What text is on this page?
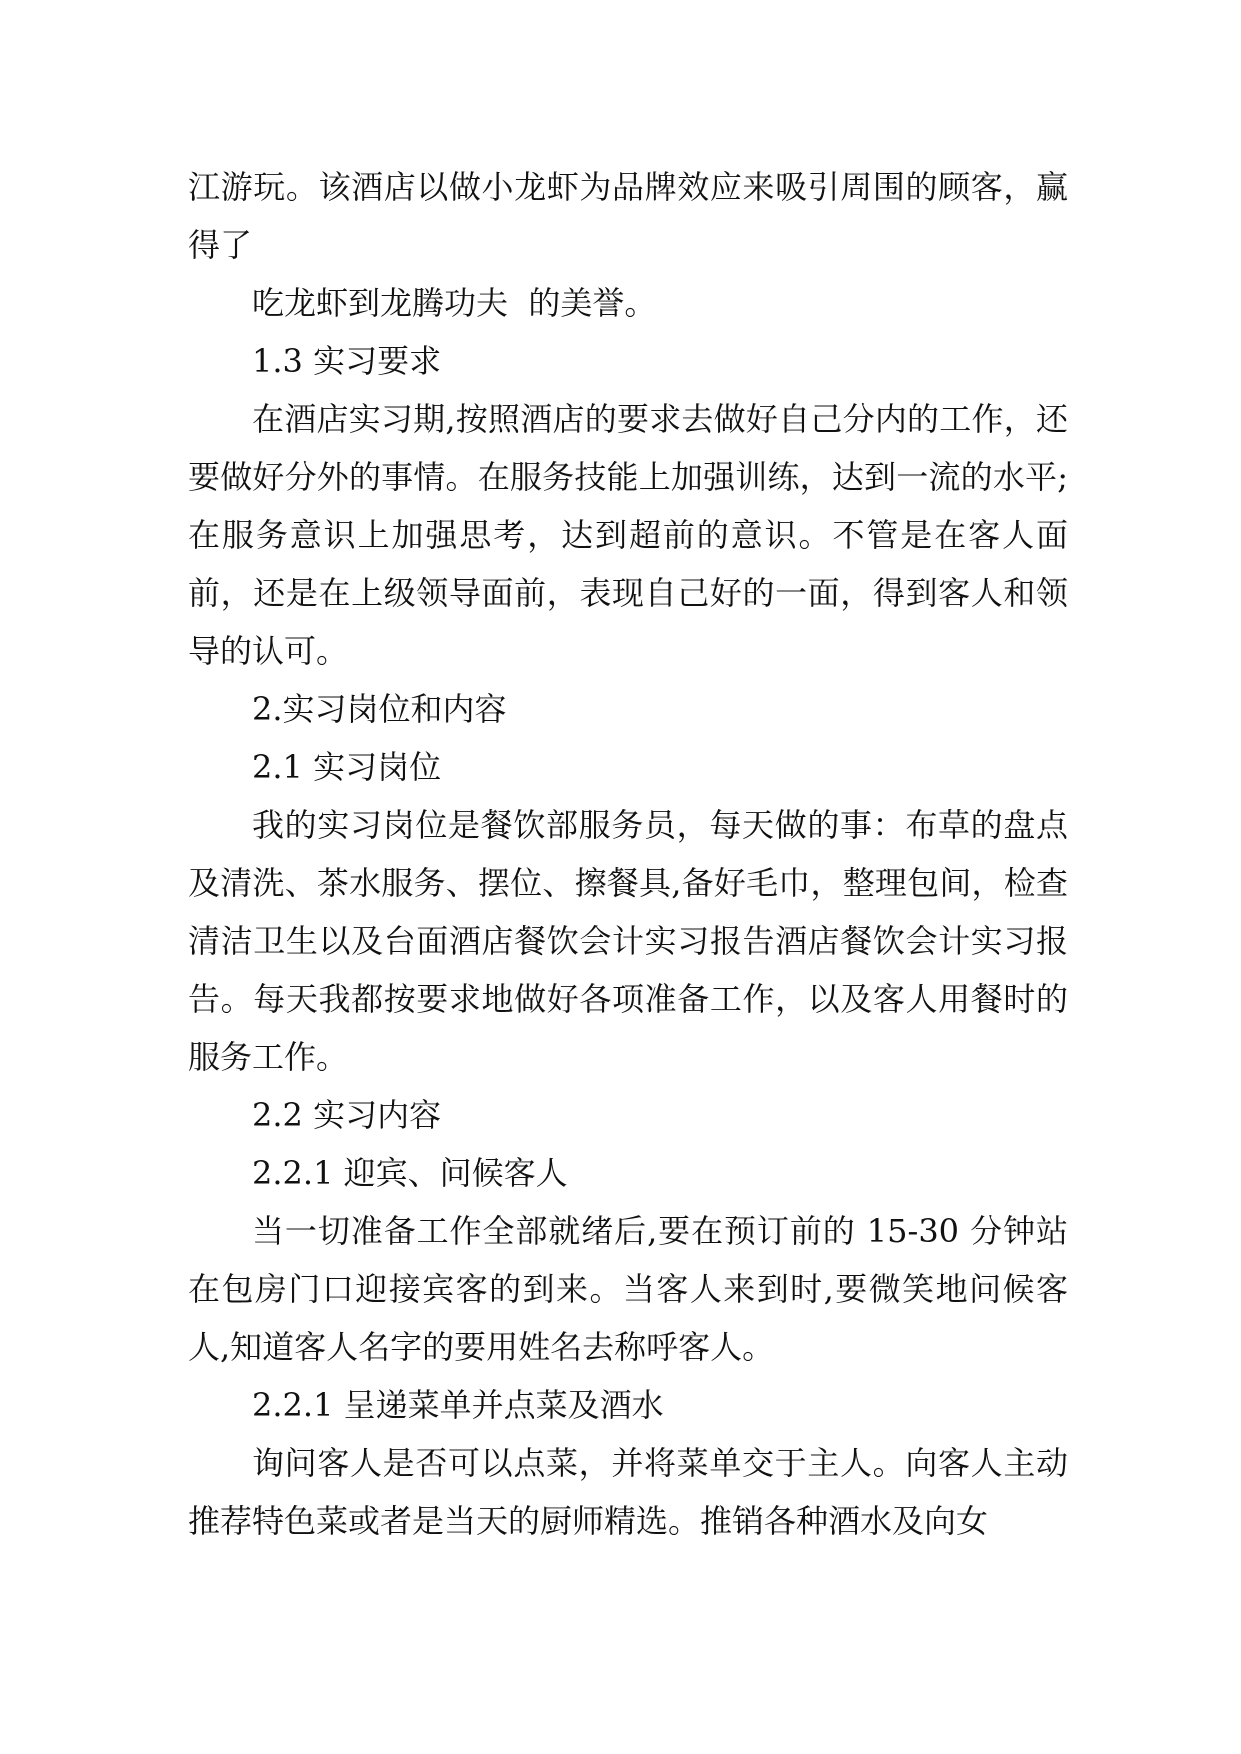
江游玩。该酒店以做小龙虾为品牌效应来吸引周围的顾客，赢得了

吃龙虾到龙腾功夫  的美誉。

1.3 实习要求

在酒店实习期,按照酒店的要求去做好自己分内的工作，还要做好分外的事情。在服务技能上加强训练，达到一流的水平;在服务意识上加强思考，达到超前的意识。不管是在客人面前，还是在上级领导面前，表现自己好的一面，得到客人和领导的认可。

2.实习岗位和内容

2.1 实习岗位

我的实习岗位是餐饮部服务员，每天做的事：布草的盘点及清洗、茶水服务、摆位、擦餐具,备好毛巾，整理包间，检查清洁卫生以及台面酒店餐饮会计实习报告酒店餐饮会计实习报告。每天我都按要求地做好各项准备工作，以及客人用餐时的服务工作。

2.2 实习内容

2.2.1 迎宾、问候客人

当一切准备工作全部就绪后,要在预订前的 15-30 分钟站在包房门口迎接宾客的到来。当客人来到时,要微笑地问候客人,知道客人名字的要用姓名去称呼客人。

2.2.1 呈递菜单并点菜及酒水

询问客人是否可以点菜，并将菜单交于主人。向客人主动推荐特色菜或者是当天的厨师精选。推销各种酒水及向女
